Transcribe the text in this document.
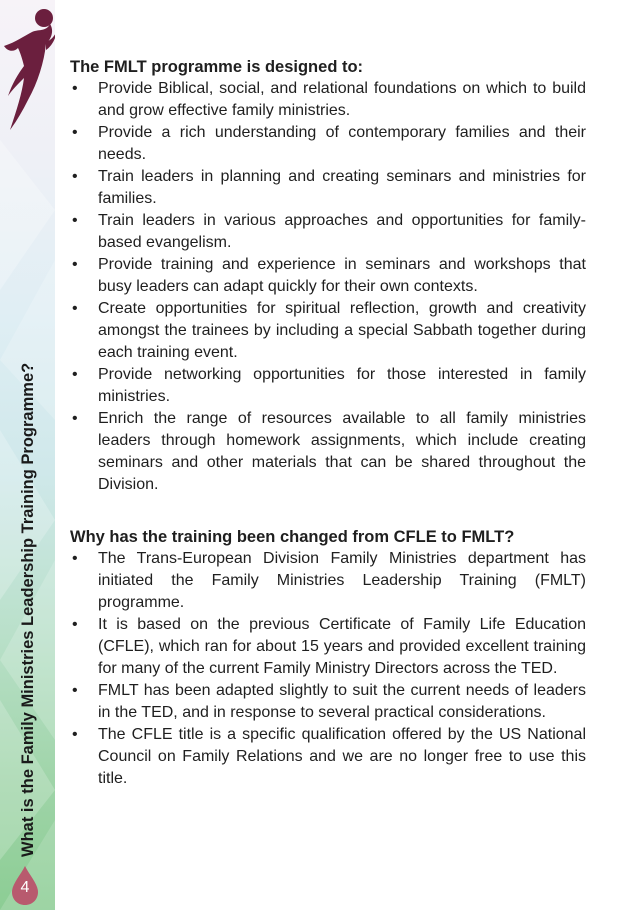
What is the Family Ministries Leadership Training Programme?
4
The FMLT programme is designed to:
• Provide Biblical, social, and relational foundations on which to build and grow effective family ministries.
• Provide a rich understanding of contemporary families and their needs.
• Train leaders in planning and creating seminars and ministries for families.
• Train leaders in various approaches and opportunities for family-based evangelism.
• Provide training and experience in seminars and workshops that busy leaders can adapt quickly for their own contexts.
• Create opportunities for spiritual reflection, growth and creativity amongst the trainees by including a special Sabbath together during each training event.
• Provide networking opportunities for those interested in family ministries.
• Enrich the range of resources available to all family ministries leaders through homework assignments, which include creating seminars and other materials that can be shared throughout the Division.
Why has the training been changed from CFLE to FMLT?
• The Trans-European Division Family Ministries department has initiated the Family Ministries Leadership Training (FMLT) programme.
• It is based on the previous Certificate of Family Life Education (CFLE), which ran for about 15 years and provided excellent training for many of the current Family Ministry Directors across the TED.
• FMLT has been adapted slightly to suit the current needs of leaders in the TED, and in response to several practical considerations.
• The CFLE title is a specific qualification offered by the US National Council on Family Relations and we are no longer free to use this title.
